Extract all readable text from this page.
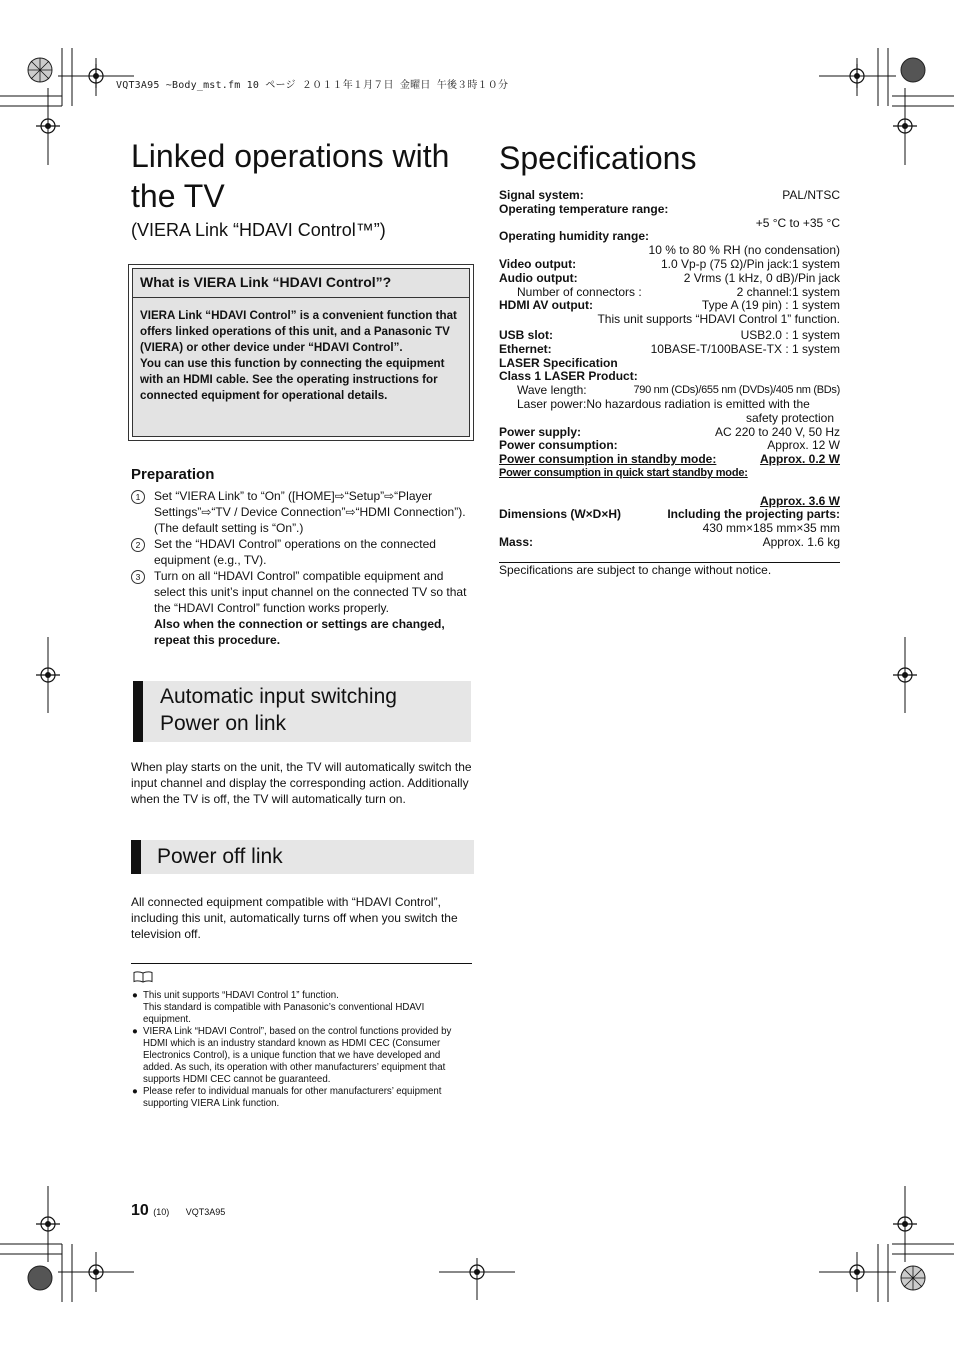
VQT3A95 ~Body_mst.fm 10 ページ ２０１１年１月７日 金曜日 午後３時１０分
Linked operations with the TV
(VIERA Link “HDAVI Control™”)
What is VIERA Link “HDAVI Control”?
VIERA Link “HDAVI Control” is a convenient function that offers linked operations of this unit, and a Panasonic TV (VIERA) or other device under “HDAVI Control”.
You can use this function by connecting the equipment with an HDMI cable. See the operating instructions for connected equipment for operational details.
Preparation
1	Set “VIERA Link” to “On” ([HOME]⇨“Setup”⇨“Player Settings”⇨“TV / Device Connection”⇨“HDMI Connection”).
(The default setting is “On”.)
2	Set the “HDAVI Control” operations on the connected equipment (e.g., TV).
3	Turn on all “HDAVI Control” compatible equipment and select this unit’s input channel on the connected TV so that the “HDAVI Control” function works properly.
Also when the connection or settings are changed, repeat this procedure.
Automatic input switching
Power on link
When play starts on the unit, the TV will automatically switch the input channel and display the corresponding action. Additionally when the TV is off, the TV will automatically turn on.
Power off link
All connected equipment compatible with “HDAVI Control”, including this unit, automatically turns off when you switch the television off.
● This unit supports “HDAVI Control 1” function.
This standard is compatible with Panasonic’s conventional HDAVI equipment.
● VIERA Link “HDAVI Control”, based on the control functions provided by HDMI which is an industry standard known as HDMI CEC (Consumer Electronics Control), is a unique function that we have developed and added. As such, its operation with other manufacturers’ equipment that supports HDMI CEC cannot be guaranteed.
● Please refer to individual manuals for other manufacturers’ equipment supporting VIERA Link function.
10 (10) VQT3A95
Specifications
Signal system:	PAL/NTSC
Operating temperature range:
+5 °C to +35 °C
Operating humidity range:
10 % to 80 % RH (no condensation)
Video output:	1.0 Vp-p (75 Ω)/Pin jack:1 system
Audio output:	2 Vrms (1 kHz, 0 dB)/Pin jack
Number of connectors :	2 channel:1 system
HDMI AV output:	Type A (19 pin) : 1 system
This unit supports “HDAVI Control 1” function.
USB slot:	USB2.0 : 1 system
Ethernet:	10BASE-T/100BASE-TX : 1 system
LASER Specification
Class 1 LASER Product:
Wave length:	790 nm (CDs)/655 nm (DVDs)/405 nm (BDs)
Laser power:No hazardous radiation is emitted with the
safety protection
Power supply:	AC 220 to 240 V, 50 Hz
Power consumption:	Approx. 12 W
Power consumption in standby mode:	Approx. 0.2 W
Power consumption in quick start standby mode:
Approx. 3.6 W
Dimensions (W×D×H)	Including the projecting parts:
430 mm×185 mm×35 mm
Mass:	Approx. 1.6 kg
Specifications are subject to change without notice.
